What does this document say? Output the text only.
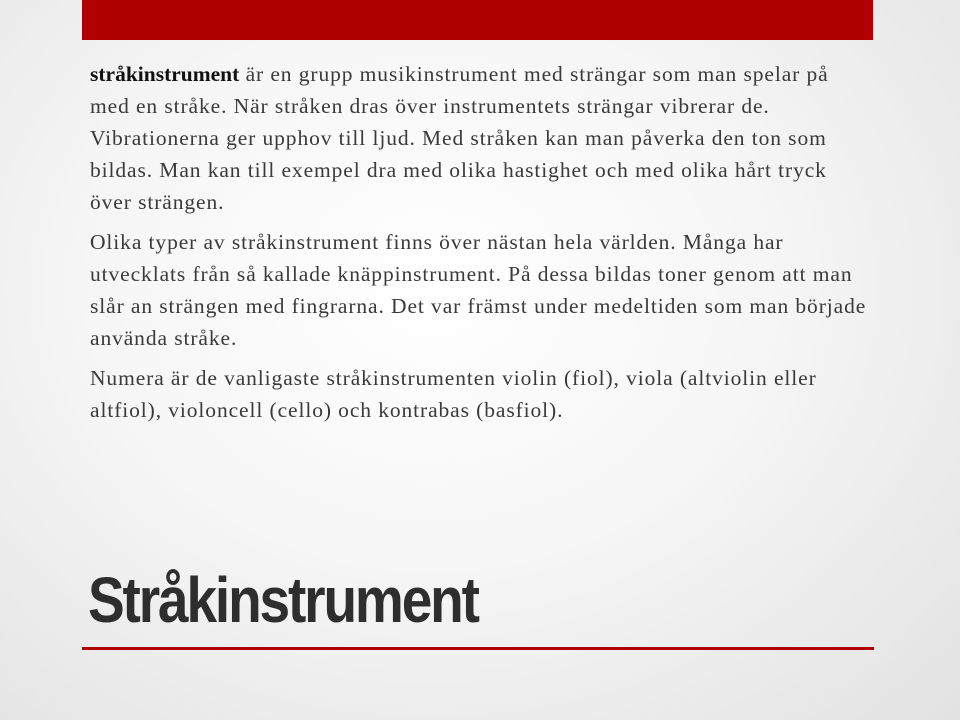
stråkinstrument är en grupp musikinstrument med strängar som man spelar på med en stråke. När stråken dras över instrumentets strängar vibrerar de. Vibrationerna ger upphov till ljud. Med stråken kan man påverka den ton som bildas. Man kan till exempel dra med olika hastighet och med olika hårt tryck över strängen.

Olika typer av stråkinstrument finns över nästan hela världen. Många har utvecklats från så kallade knäppinstrument. På dessa bildas toner genom att man slår an strängen med fingrarna. Det var främst under medeltiden som man började använda stråke.

Numera är de vanligaste stråkinstrumenten violin (fiol), viola (altviolin eller altfiol), violoncell (cello) och kontrabas (basfiol).

Stråkinstrument
